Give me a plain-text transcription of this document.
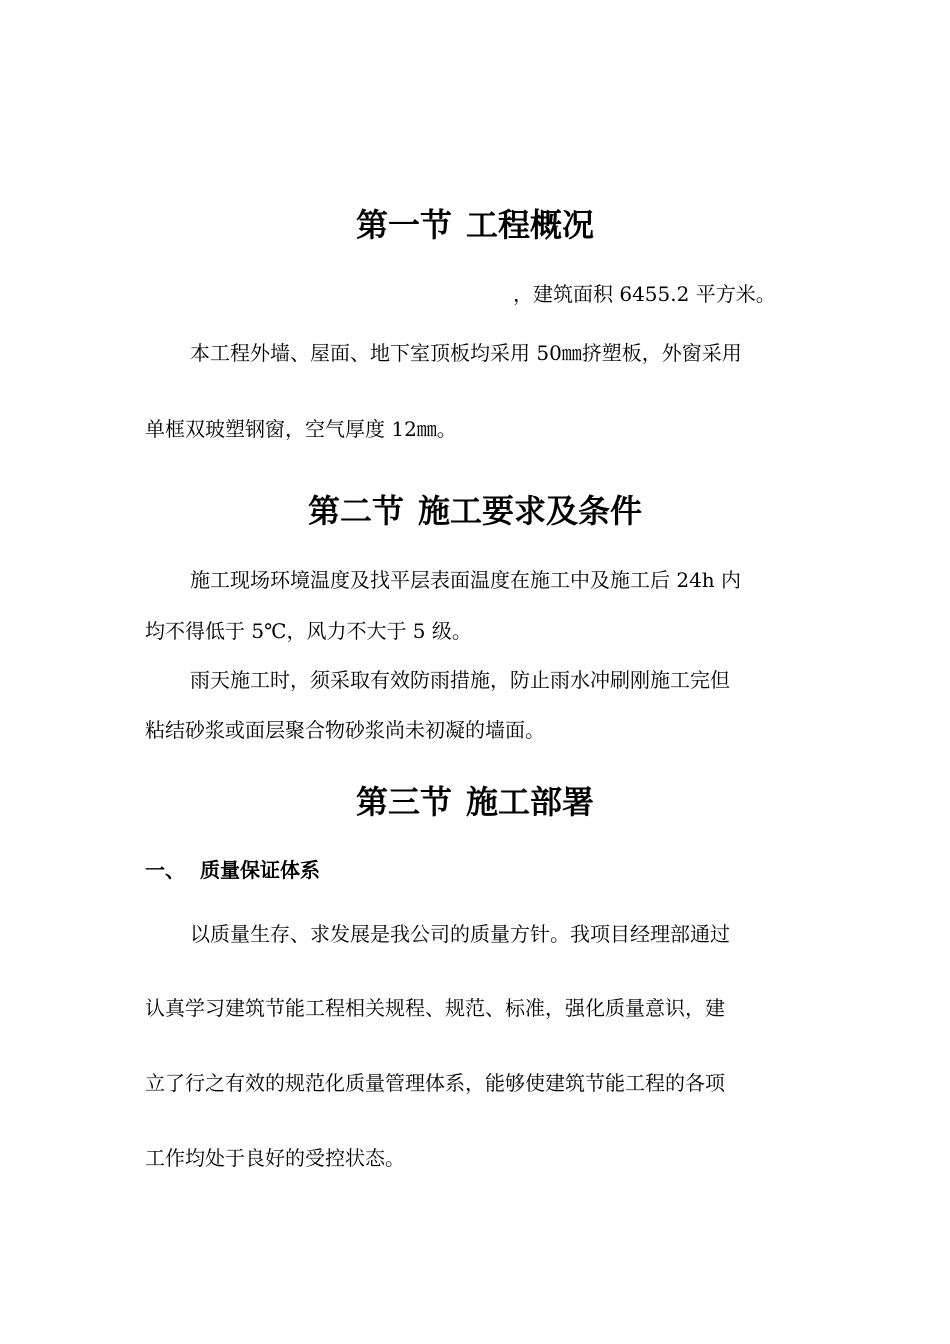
第一节 工程概况

，建筑面积 6455.2 平方米。

本工程外墙、屋面、地下室顶板均采用 50㎜挤塑板，外窗采用

单框双玻塑钢窗，空气厚度 12㎜。

第二节 施工要求及条件

施工现场环境温度及找平层表面温度在施工中及施工后 24h 内

均不得低于 5℃，风力不大于 5 级。

雨天施工时，须采取有效防雨措施，防止雨水冲刷刚施工完但

粘结砂浆或面层聚合物砂浆尚未初凝的墙面。

第三节 施工部署
一、 质量保证体系

以质量生存、求发展是我公司的质量方针。我项目经理部通过

认真学习建筑节能工程相关规程、规范、标准，强化质量意识，建

立了行之有效的规范化质量管理体系，能够使建筑节能工程的各项

工作均处于良好的受控状态。
